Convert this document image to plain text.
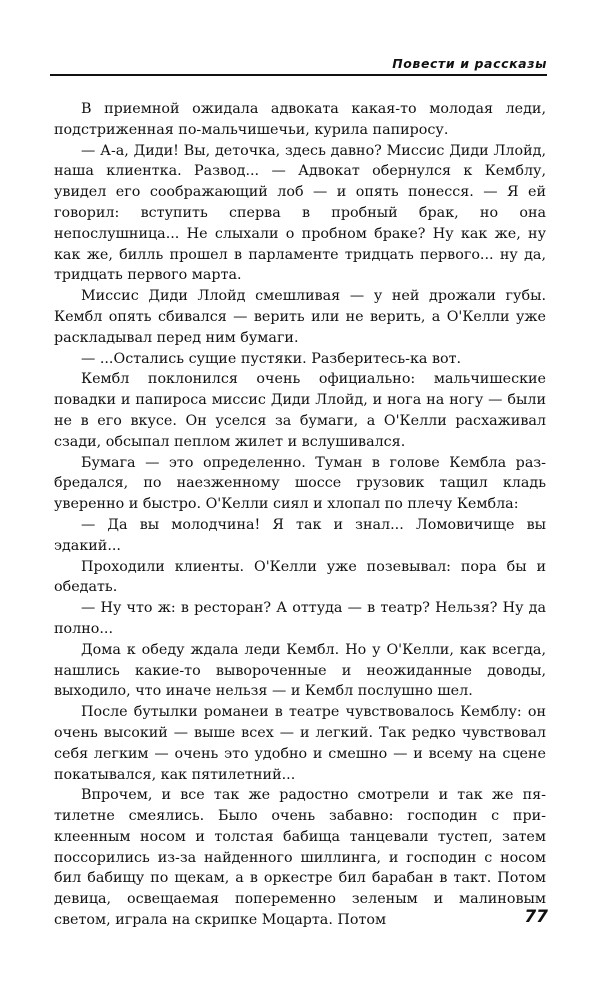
Повести и рассказы

В приемной ожидала адвоката какая-то молодая леди, подстриженная по-мальчишечьи, курила папиросу.

— А-а, Диди! Вы, деточка, здесь давно? Миссис Диди Ллойд, наша клиентка. Развод... — Адвокат обернулся к Кемблу, увидел его соображающий лоб — и опять понесся. — Я ей говорил: вступить сперва в пробный брак, но она непослушница... Не слыхали о пробном браке? Ну как же, ну как же, билль прошел в парламенте тридцать первого... ну да, тридцать первого марта.

Миссис Диди Ллойд смешливая — у ней дрожали губы. Кембл опять сбивался — верить или не верить, а О'Келли уже раскладывал перед ним бумаги.

— ...Остались сущие пустяки. Разберитесь-ка вот.

Кембл поклонился очень официально: мальчишеские повадки и папироса миссис Диди Ллойд, и нога на ногу — были не в его вкусе. Он уселся за бумаги, а О'Келли расхаживал сзади, обсыпал пеплом жилет и вслушивался.

Бумага — это определенно. Туман в голове Кембла разбредался, по наезженному шоссе грузовик тащил кладь уверенно и быстро. О'Келли сиял и хлопал по плечу Кембла:

— Да вы молодчина! Я так и знал... Ломовичище вы эдакий...

Проходили клиенты. О'Келли уже позевывал: пора бы и обедать.

— Ну что ж: в ресторан? А оттуда — в театр? Нельзя? Ну да полно...

Дома к обеду ждала леди Кембл. Но у О'Келли, как всегда, нашлись какие-то вывороченные и неожиданные доводы, выходило, что иначе нельзя — и Кембл послушно шел.

После бутылки романеи в театре чувствовалось Кемблу: он очень высокий — выше всех — и легкий. Так редко чувствовал себя легким — очень это удобно и смешно — и всему на сцене покатывался, как пятилетний...

Впрочем, и все так же радостно смотрели и так же пятилетне смеялись. Было очень забавно: господин с приклеенным носом и толстая бабища танцевали тустеп, затем поссорились из-за найденного шиллинга, и господин с носом бил бабищу по щекам, а в оркестре бил барабан в такт. Потом девица, освещаемая попеременно зеленым и малиновым светом, играла на скрипке Моцарта. Потом	77
